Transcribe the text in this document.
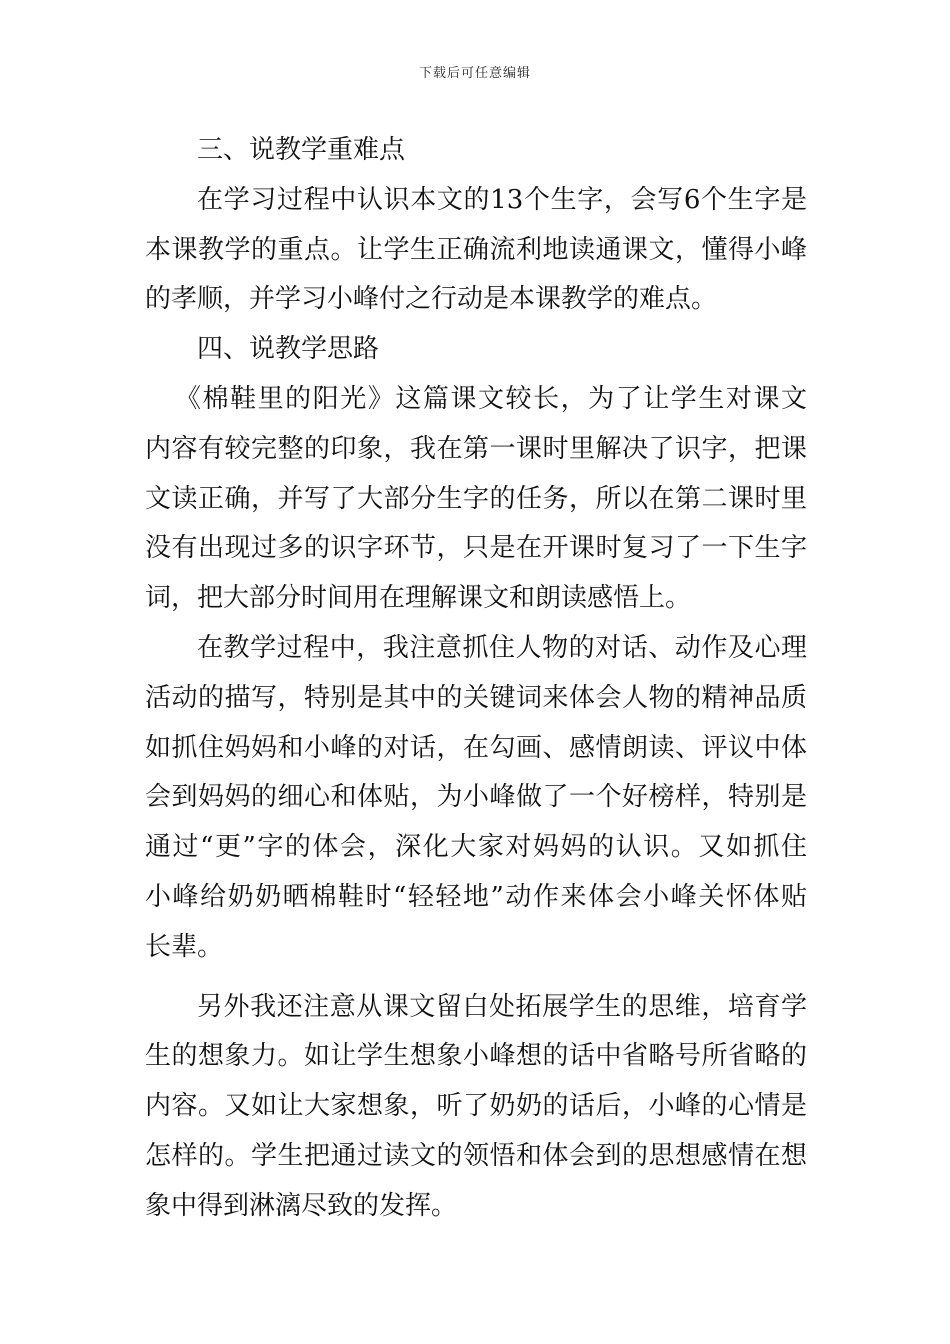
下载后可任意编辑
三、说教学重难点
在学习过程中认识本文的13个生字，会写6个生字是
本课教学的重点。让学生正确流利地读通课文，懂得小峰
的孝顺，并学习小峰付之行动是本课教学的难点。
四、说教学思路
《棉鞋里的阳光》这篇课文较长，为了让学生对课文
内容有较完整的印象，我在第一课时里解决了识字，把课
文读正确，并写了大部分生字的任务，所以在第二课时里
没有出现过多的识字环节，只是在开课时复习了一下生字
词，把大部分时间用在理解课文和朗读感悟上。
在教学过程中，我注意抓住人物的对话、动作及心理
活动的描写，特别是其中的关键词来体会人物的精神品质
如抓住妈妈和小峰的对话，在勾画、感情朗读、评议中体
会到妈妈的细心和体贴，为小峰做了一个好榜样，特别是
通过“更”字的体会，深化大家对妈妈的认识。又如抓住
小峰给奶奶晒棉鞋时“轻轻地”动作来体会小峰关怀体贴
长辈。
另外我还注意从课文留白处拓展学生的思维，培育学
生的想象力。如让学生想象小峰想的话中省略号所省略的
内容。又如让大家想象，听了奶奶的话后，小峰的心情是
怎样的。学生把通过读文的领悟和体会到的思想感情在想
象中得到淋漓尽致的发挥。
